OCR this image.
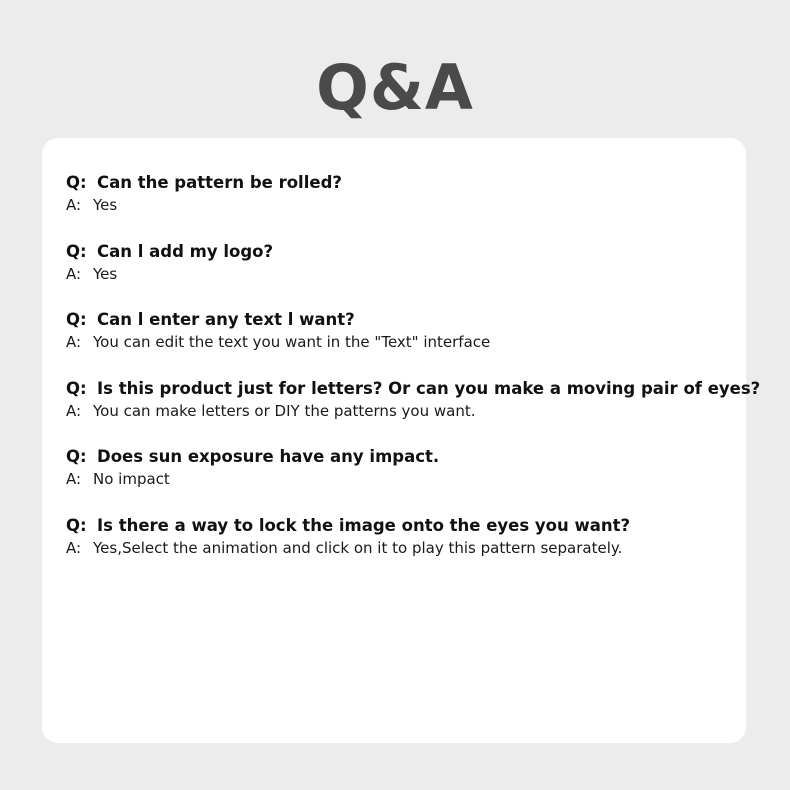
Q&A
Q: Can the pattern be rolled?
A: Yes
Q: Can l add my logo?
A: Yes
Q: Can l enter any text l want?
A: You can edit the text you want in the "Text" interface
Q: Is this product just for letters? Or can you make a moving pair of eyes?
A: You can make letters or DIY the patterns you want.
Q: Does sun exposure have any impact.
A: No impact
Q: Is there a way to lock the image onto the eyes you want?
A: Yes,Select the animation and click on it to play this pattern separately.
